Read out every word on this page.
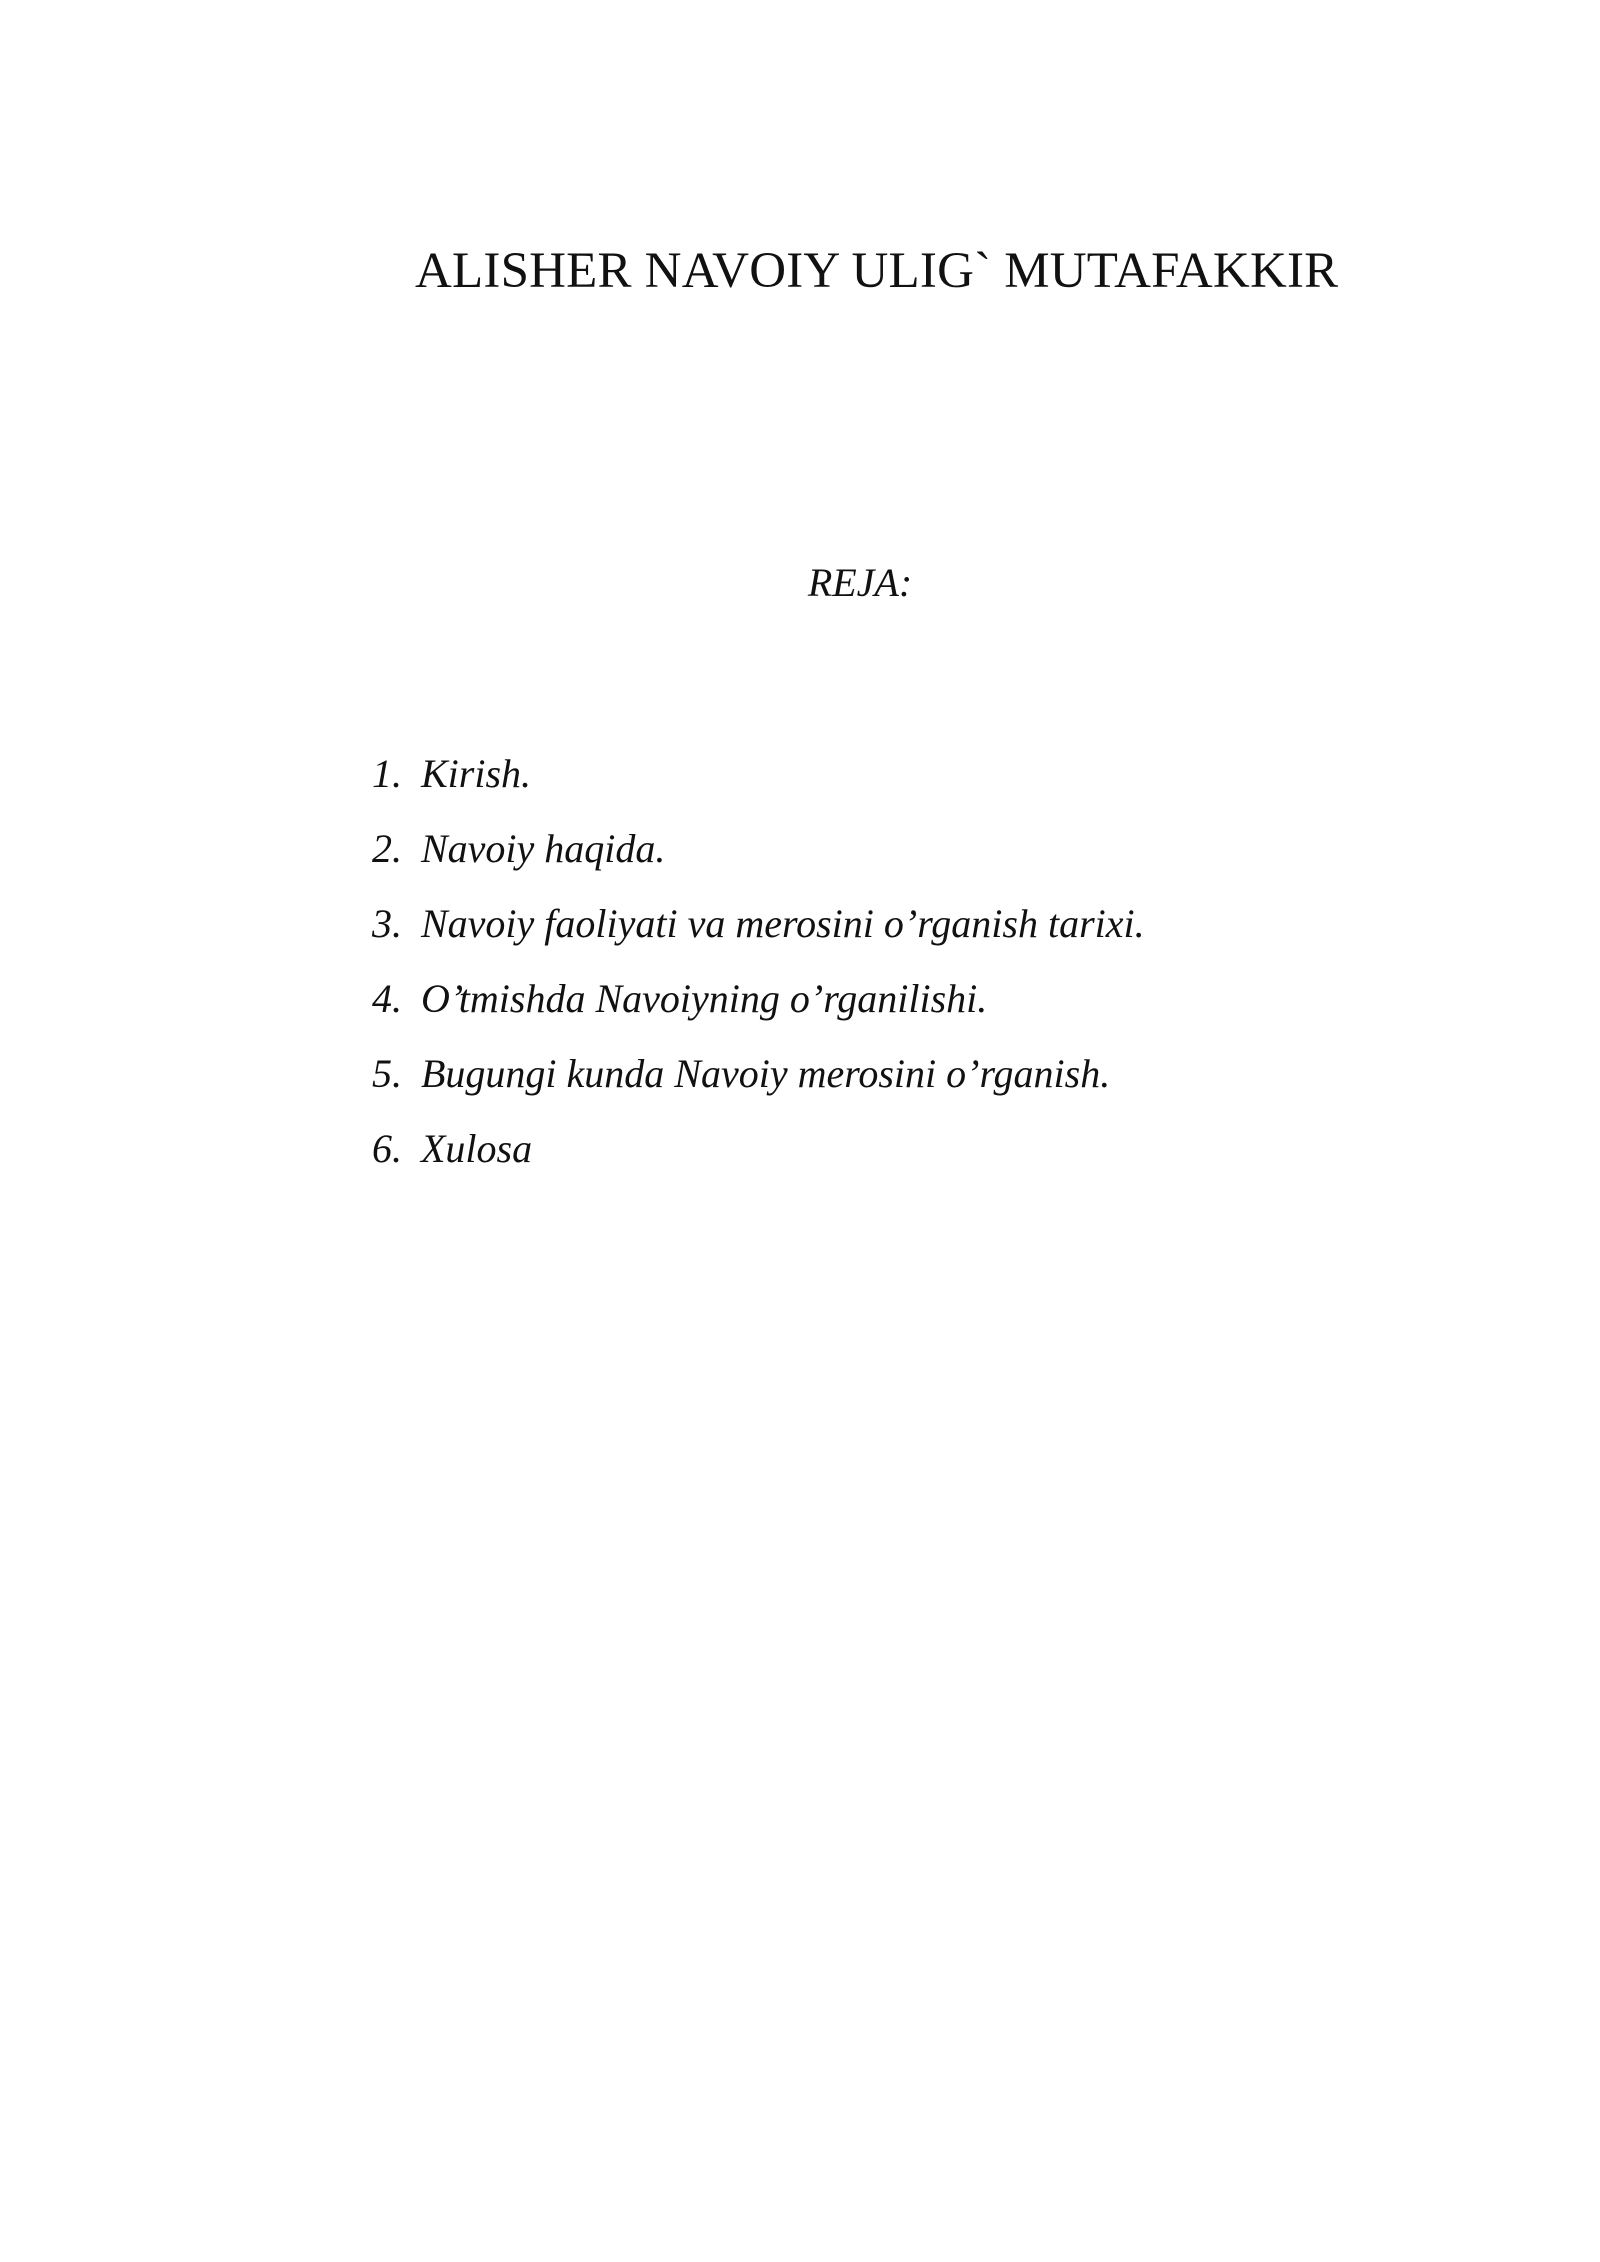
ALISHER NAVOIY ULIG` MUTAFAKKIR
REJA:
1. Kirish.
2. Navoiy haqida.
3. Navoiy faoliyati va merosini o’rganish tarixi.
4. O’tmishda Navoiyning o’rganilishi.
5. Bugungi kunda Navoiy merosini o’rganish.
6. Xulosa
